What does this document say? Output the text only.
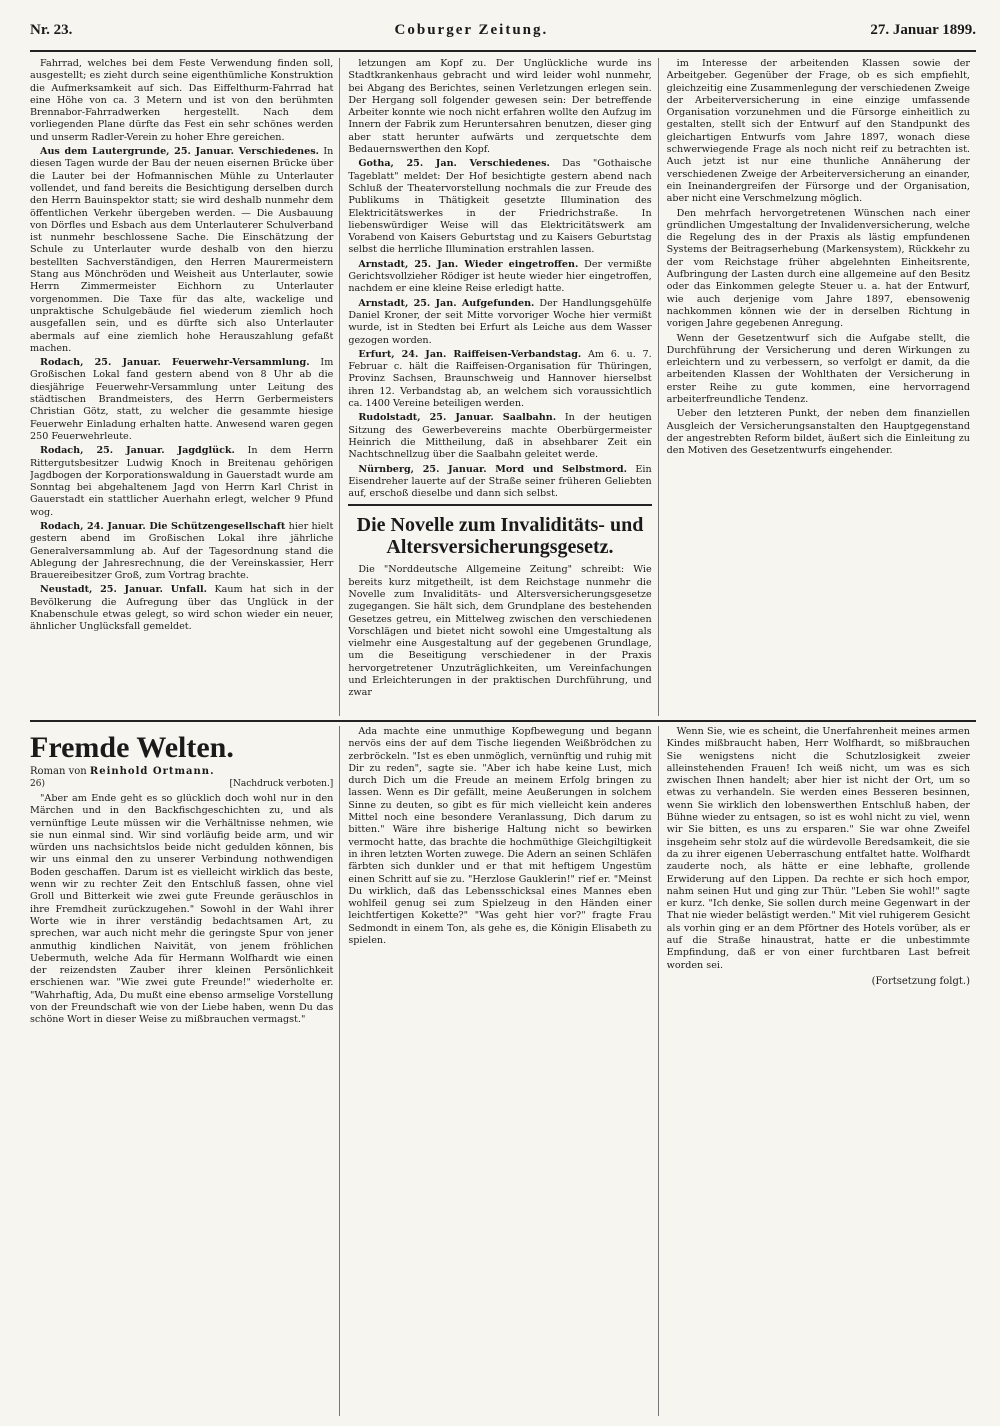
Nr. 23.	Coburger Zeitung.	27. Januar 1899.

Fahrrad, welches bei dem Feste Verwendung finden soll, ausgestellt; es zieht durch seine eigenthümliche Konstruktion die Aufmerksamkeit auf sich. Das Eiffelthurm-Fahrrad hat eine Höhe von ca. 3 Metern und ist von den berühmten Brennabor-Fahrradwerken hergestellt. Nach dem vorliegenden Plane dürfte das Fest ein sehr schönes werden und unserm Radler-Verein zu hoher Ehre gereichen.

Aus dem Lautergrunde, 25. Januar. Verschiedenes. In diesen Tagen wurde der Bau der neuen eisernen Brücke über die Lauter bei der Hofmannischen Mühle zu Unterlauter vollendet, und fand bereits die Besichtigung derselben durch den Herrn Bauinspektor statt; sie wird deshalb nunmehr dem öffentlichen Verkehr übergeben werden. — Die Ausbauung von Dörfles und Esbach aus dem Unterlauterer Schulverband ist nunmehr beschlossene Sache. Die Einschätzung der Schule zu Unterlauter wurde deshalb von den hierzu bestellten Sachverständigen, den Herren Maurermeistern Stang aus Mönchröden und Weisheit aus Unterlauter, sowie Herrn Zimmermeister Eichhorn zu Unterlauter vorgenommen. Die Taxe für das alte, wackelige und unpraktische Schulgebäude fiel wiederum ziemlich hoch ausgefallen sein, und es dürfte sich also Unterlauter abermals auf eine ziemlich hohe Herauszahlung gefaßt machen.

Rodach, 25. Januar. Feuerwehr-Versammlung. Im Großischen Lokal fand gestern abend von 8 Uhr ab die diesjährige Feuerwehr-Versammlung unter Leitung des städtischen Brandmeisters, des Herrn Gerbermeisters Christian Götz, statt, zu welcher die gesammte hiesige Feuerwehr Einladung erhalten hatte. Anwesend waren gegen 250 Feuerwehrleute.

Rodach, 25. Januar. Jagdglück. In dem Herrn Rittergutsbesitzer Ludwig Knoch in Breitenau gehörigen Jagdbogen der Korporationswaldung in Gauerstadt wurde am Sonntag bei abgehaltenem Jagd von Herrn Karl Christ in Gauerstadt ein stattlicher Auerhahn erlegt, welcher 9 Pfund wog.

Rodach, 24. Januar. Die Schützengesellschaft hier hielt gestern abend im Großischen Lokal ihre jährliche Generalversammlung ab. Auf der Tagesordnung stand die Ablegung der Jahresrechnung, die der Vereinskassier, Herr Brauereibesitzer Groß, zum Vortrag brachte.

Neustadt, 25. Januar. Unfall. Kaum hat sich in der Bevölkerung die Aufregung über das Unglück in der Knabenschule etwas gelegt, so wird schon wieder ein neuer, ähnlicher Unglücksfall gemeldet.

letzungen am Kopf zu. Der Unglückliche wurde ins Stadtkrankenhaus gebracht und wird leider wohl nunmehr, bei Abgang des Berichtes, seinen Verletzungen erlegen sein. Der Hergang soll folgender gewesen sein: Der betreffende Arbeiter konnte wie noch nicht erfahren wollte den Aufzug im Innern der Fabrik zum Heruntersahren benutzen, dieser ging aber statt herunter aufwärts und zerquetschte dem Bedauernswerthen den Kopf.

Gotha, 25. Jan. Verschiedenes. Das "Gothaische Tageblatt" meldet: Der Hof besichtigte gestern abend nach Schluß der Theatervorstellung nochmals die zur Freude des Publikums in Thätigkeit gesetzte Illumination des Elektricitätswerkes in der Friedrichstraße. In liebenswürdiger Weise will das Elektricitätswerk am Vorabend von Kaisers Geburtstag und zu Kaisers Geburtstag selbst die herrliche Illumination erstrahlen lassen.

Arnstadt, 25. Jan. Wieder eingetroffen. Der vermißte Gerichtsvollzieher Rödiger ist heute wieder hier eingetroffen, nachdem er eine kleine Reise erledigt hatte.

Arnstadt, 25. Jan. Aufgefunden. Der Handlungsgehülfe Daniel Kroner, der seit Mitte vorvoriger Woche hier vermißt wurde, ist in Stedten bei Erfurt als Leiche aus dem Wasser gezogen worden.

Erfurt, 24. Jan. Raiffeisen-Verbandstag. Am 6. u. 7. Februar c. hält die Raiffeisen-Organisation für Thüringen, Provinz Sachsen, Braunschweig und Hannover hierselbst ihren 12. Verbandstag ab, an welchem sich voraussichtlich ca. 1400 Vereine beteiligen werden.

Rudolstadt, 25. Januar. Saalbahn. In der heutigen Sitzung des Gewerbevereins machte Oberbürgermeister Heinrich die Mittheilung, daß in absehbarer Zeit ein Nachtschnellzug über die Saalbahn geleitet werde.

Nürnberg, 25. Januar. Mord und Selbstmord. Ein Eisendreher lauerte auf der Straße seiner früheren Geliebten auf, erschoß dieselbe und dann sich selbst.

Die Novelle zum Invaliditäts- und Altersversicherungsgesetz.

Die "Norddeutsche Allgemeine Zeitung" schreibt: Wie bereits kurz mitgetheilt, ist dem Reichstage nunmehr die Novelle zum Invaliditäts- und Altersversicherungsgesetze zugegangen. Sie hält sich, dem Grundplane des bestehenden Gesetzes getreu, ein Mittelweg zwischen den verschiedenen Vorschlägen und bietet nicht sowohl eine Umgestaltung als vielmehr eine Ausgestaltung auf der gegebenen Grundlage, um die Beseitigung verschiedener in der Praxis hervorgetretener Unzuträglichkeiten, um Vereinfachungen und Erleichterungen in der praktischen Durchführung, und zwar

im Interesse der arbeitenden Klassen sowie der Arbeitgeber. Gegenüber der Frage, ob es sich empfiehlt, gleichzeitig eine Zusammenlegung der verschiedenen Zweige der Arbeiterversicherung in eine einzige umfassende Organisation vorzunehmen und die Fürsorge einheitlich zu gestalten, stellt sich der Entwurf auf den Standpunkt des gleichartigen Entwurfs vom Jahre 1897, wonach diese schwerwiegende Frage als noch nicht reif zu betrachten ist. Auch jetzt ist nur eine thunliche Annäherung der verschiedenen Zweige der Arbeiterversicherung an einander, ein Ineinandergreifen der Fürsorge und der Organisation, aber nicht eine Verschmelzung möglich.

Den mehrfach hervorgetretenen Wünschen nach einer gründlichen Umgestaltung der Invalidenversicherung, welche die Regelung des in der Praxis als lästig empfundenen Systems der Beitragserhebung (Markensystem), Rückkehr zu der vom Reichstage früher abgelehnten Einheitsrente, Aufbringung der Lasten durch eine allgemeine auf den Besitz oder das Einkommen gelegte Steuer u. a. hat der Entwurf, wie auch derjenige vom Jahre 1897, ebensowenig nachkommen können wie der in derselben Richtung in vorigen Jahre gegebenen Anregung.

Wenn der Gesetzentwurf sich die Aufgabe stellt, die Durchführung der Versicherung und deren Wirkungen zu erleichtern und zu verbessern, so verfolgt er damit, da die arbeitenden Klassen der Wohlthaten der Versicherung in erster Reihe zu gute kommen, eine hervorragend arbeiterfreundliche Tendenz.

Ueber den letzteren Punkt, der neben dem finanziellen Ausgleich der Versicherungsanstalten den Hauptgegenstand der angestrebten Reform bildet, äußert sich die Einleitung zu den Motiven des Gesetzentwurfs eingehender.

Fremde Welten.
Roman von Reinhold Ortmann.
26)	[Nachdruck verboten.]

"Aber am Ende geht es so glücklich doch wohl nur in den Märchen und in den Backfischgeschichten zu, und als vernünftige Leute müssen wir die Verhältnisse nehmen, wie sie nun einmal sind. Wir sind vorläufig beide arm, und wir würden uns nachsichtslos beide nicht gedulden können, bis wir uns einmal den zu unserer Verbindung nothwendigen Boden geschaffen. Darum ist es vielleicht wirklich das beste, wenn wir zu rechter Zeit den Entschluß fassen, ohne viel Groll und Bitterkeit wie zwei gute Freunde geräuschlos in ihre Fremdheit zurückzugehen." Sowohl in der Wahl ihrer Worte wie in ihrer verständig bedachtsamen Art, zu sprechen, war auch nicht mehr die geringste Spur von jener anmuthig kindlichen Naivität, von jenem fröhlichen Uebermuth, welche Ada für Hermann Wolfhardt wie einen der reizendsten Zauber ihrer kleinen Persönlichkeit erschienen war. "Wie zwei gute Freunde!" wiederholte er. "Wahrhaftig, Ada, Du mußt eine ebenso armselige Vorstellung von der Freundschaft wie von der Liebe haben, wenn Du das schöne Wort in dieser Weise zu mißbrauchen vermagst."

Ada machte eine unmuthige Kopfbewegung und begann nervös eins der auf dem Tische liegenden Weißbrödchen zu zerbröckeln. "Ist es eben unmöglich, vernünftig und ruhig mit Dir zu reden", sagte sie. "Aber ich habe keine Lust, mich durch Dich um die Freude an meinem Erfolg bringen zu lassen. Wenn es Dir gefällt, meine Aeußerungen in solchem Sinne zu deuten, so gibt es für mich vielleicht kein anderes Mittel noch eine besondere Veranlassung, Dich darum zu bitten." Wäre ihre bisherige Haltung nicht so bewirken vermocht hatte, das brachte die hochmüthige Gleichgiltigkeit in ihren letzten Worten zuwege. Die Adern an seinen Schläfen färbten sich dunkler und er that mit heftigem Ungestüm einen Schritt auf sie zu. "Herzlose Gauklerin!" rief er. "Meinst Du wirklich, daß das Lebensschicksal eines Mannes eben wohlfeil genug sei zum Spielzeug in den Händen einer leichtfertigen Kokette?" "Was geht hier vor?" fragte Frau Sedmondt in einem Ton, als gehe es, die Königin Elisabeth zu spielen.

Wenn Sie, wie es scheint, die Unerfahrenheit meines armen Kindes mißbraucht haben, Herr Wolfhardt, so mißbrauchen Sie wenigstens nicht die Schutzlosigkeit zweier alleinstehenden Frauen! Ich weiß nicht, um was es sich zwischen Ihnen handelt; aber hier ist nicht der Ort, um so etwas zu verhandeln. Sie werden eines Besseren besinnen, wenn Sie wirklich den lobenswerthen Entschluß haben, der Bühne wieder zu entsagen, so ist es wohl nicht zu viel, wenn wir Sie bitten, es uns zu ersparen." Sie war ohne Zweifel insgeheim sehr stolz auf die würdevolle Beredsamkeit, die sie da zu ihrer eigenen Ueberraschung entfaltet hatte. Wolfhardt zauderte noch, als hätte er eine lebhafte, grollende Erwiderung auf den Lippen. Da rechte er sich hoch empor, nahm seinen Hut und ging zur Thür. "Leben Sie wohl!" sagte er kurz. "Ich denke, Sie sollen durch meine Gegenwart in der That nie wieder belästigt werden." Mit viel ruhigerem Gesicht als vorhin ging er an dem Pförtner des Hotels vorüber, als er auf die Straße hinaustrat, hatte er die unbestimmte Empfindung, daß er von einer furchtbaren Last befreit worden sei.

(Fortsetzung folgt.)
